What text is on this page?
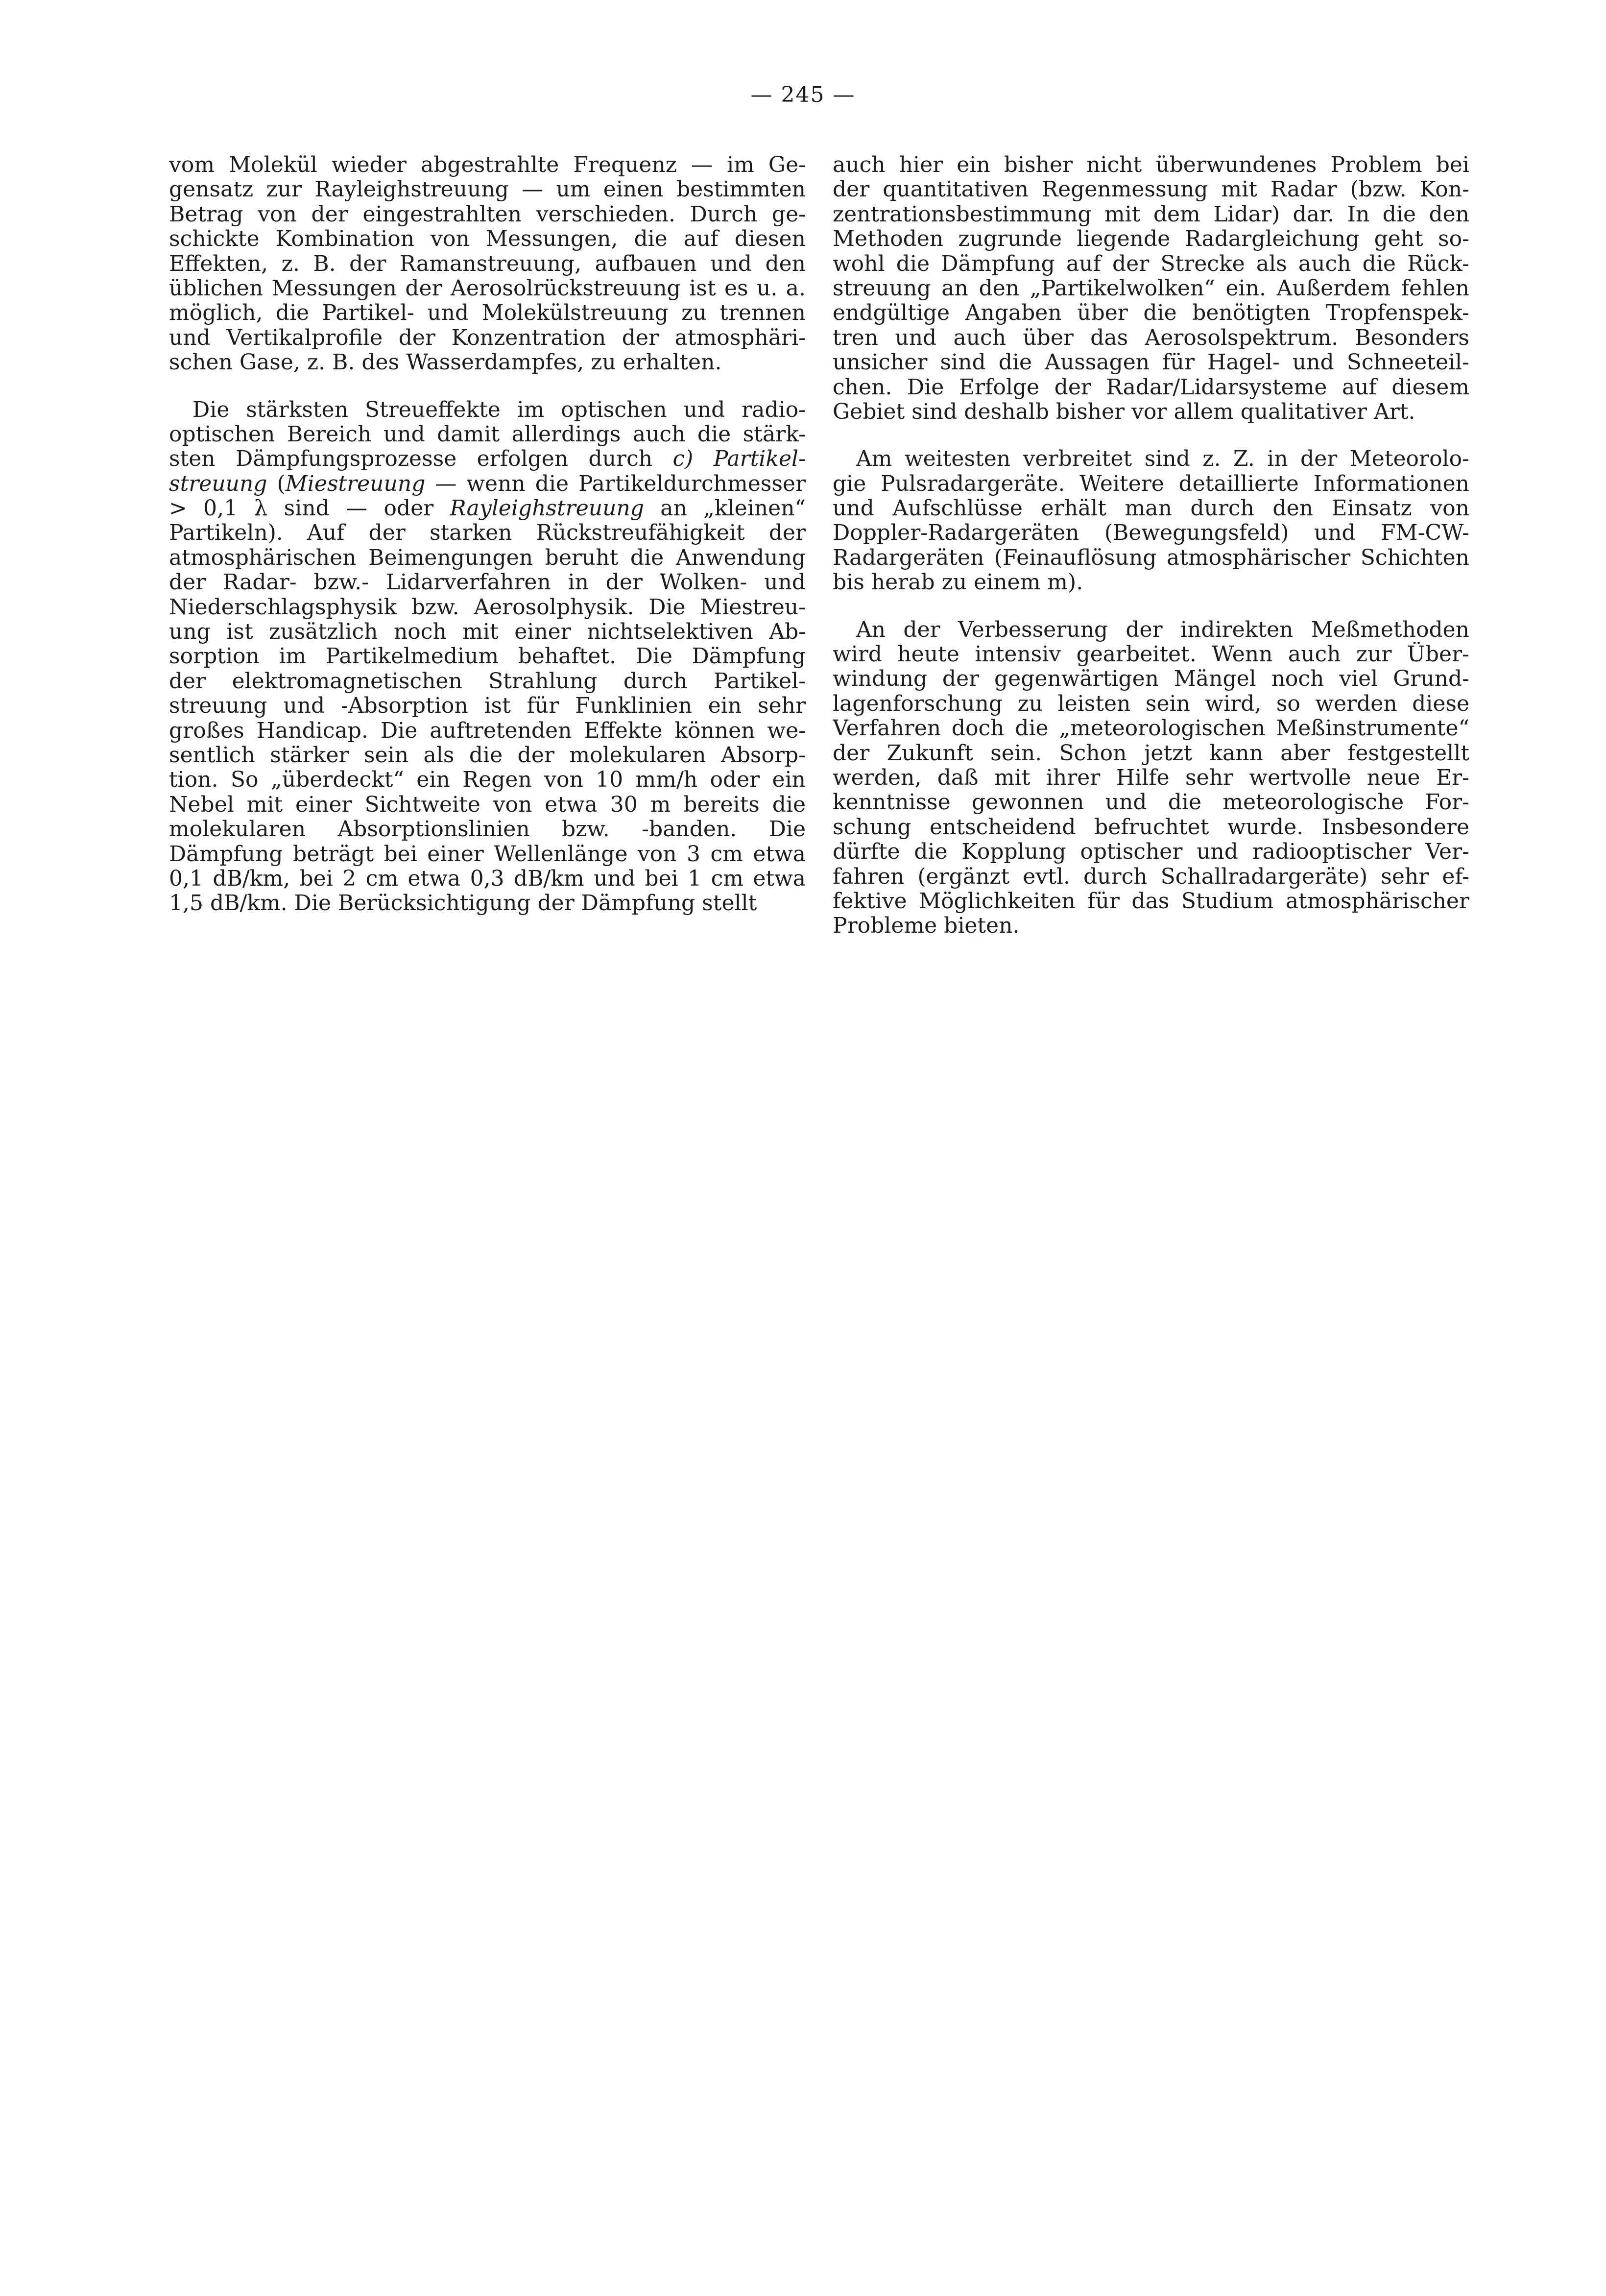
— 245 —
vom Molekül wieder abgestrahlte Frequenz — im Ge-
gensatz zur Rayleighstreuung — um einen bestimmten
Betrag von der eingestrahlten verschieden. Durch ge-
schickte Kombination von Messungen, die auf diesen
Effekten, z. B. der Ramanstreuung, aufbauen und den
üblichen Messungen der Aerosolrückstreuung ist es u. a.
möglich, die Partikel- und Molekülstreuung zu trennen
und Vertikalprofile der Konzentration der atmosphäri-
schen Gase, z. B. des Wasserdampfes, zu erhalten.
Die stärksten Streueffekte im optischen und radio-
optischen Bereich und damit allerdings auch die stärk-
sten Dämpfungsprozesse erfolgen durch c) Partikel-
streuung (Miestreuung — wenn die Partikeldurchmesser
> 0,1 λ sind — oder Rayleighstreuung an „kleinen“
Partikeln). Auf der starken Rückstreufähigkeit der
atmosphärischen Beimengungen beruht die Anwendung
der Radar- bzw.- Lidarverfahren in der Wolken- und
Niederschlagsphysik bzw. Aerosolphysik. Die Miestreu-
ung ist zusätzlich noch mit einer nichtselektiven Ab-
sorption im Partikelmedium behaftet. Die Dämpfung
der elektromagnetischen Strahlung durch Partikel-
streuung und -Absorption ist für Funklinien ein sehr
großes Handicap. Die auftretenden Effekte können we-
sentlich stärker sein als die der molekularen Absorp-
tion. So „überdeckt“ ein Regen von 10 mm/h oder ein
Nebel mit einer Sichtweite von etwa 30 m bereits die
molekularen Absorptionslinien bzw. -banden. Die
Dämpfung beträgt bei einer Wellenlänge von 3 cm etwa
0,1 dB/km, bei 2 cm etwa 0,3 dB/km und bei 1 cm etwa
1,5 dB/km. Die Berücksichtigung der Dämpfung stellt
auch hier ein bisher nicht überwundenes Problem bei
der quantitativen Regenmessung mit Radar (bzw. Kon-
zentrationsbestimmung mit dem Lidar) dar. In die den
Methoden zugrunde liegende Radargleichung geht so-
wohl die Dämpfung auf der Strecke als auch die Rück-
streuung an den „Partikelwolken“ ein. Außerdem fehlen
endgültige Angaben über die benötigten Tropfenspek-
tren und auch über das Aerosolspektrum. Besonders
unsicher sind die Aussagen für Hagel- und Schneeteil-
chen. Die Erfolge der Radar/Lidarsysteme auf diesem
Gebiet sind deshalb bisher vor allem qualitativer Art.
Am weitesten verbreitet sind z. Z. in der Meteorolo-
gie Pulsradargeräte. Weitere detaillierte Informationen
und Aufschlüsse erhält man durch den Einsatz von
Doppler-Radargeräten (Bewegungsfeld) und FM-CW-
Radargeräten (Feinauflösung atmosphärischer Schichten
bis herab zu einem m).
An der Verbesserung der indirekten Meßmethoden
wird heute intensiv gearbeitet. Wenn auch zur Über-
windung der gegenwärtigen Mängel noch viel Grund-
lagenforschung zu leisten sein wird, so werden diese
Verfahren doch die „meteorologischen Meßinstrumente“
der Zukunft sein. Schon jetzt kann aber festgestellt
werden, daß mit ihrer Hilfe sehr wertvolle neue Er-
kenntnisse gewonnen und die meteorologische For-
schung entscheidend befruchtet wurde. Insbesondere
dürfte die Kopplung optischer und radiooptischer Ver-
fahren (ergänzt evtl. durch Schallradargeräte) sehr ef-
fektive Möglichkeiten für das Studium atmosphärischer
Probleme bieten.
